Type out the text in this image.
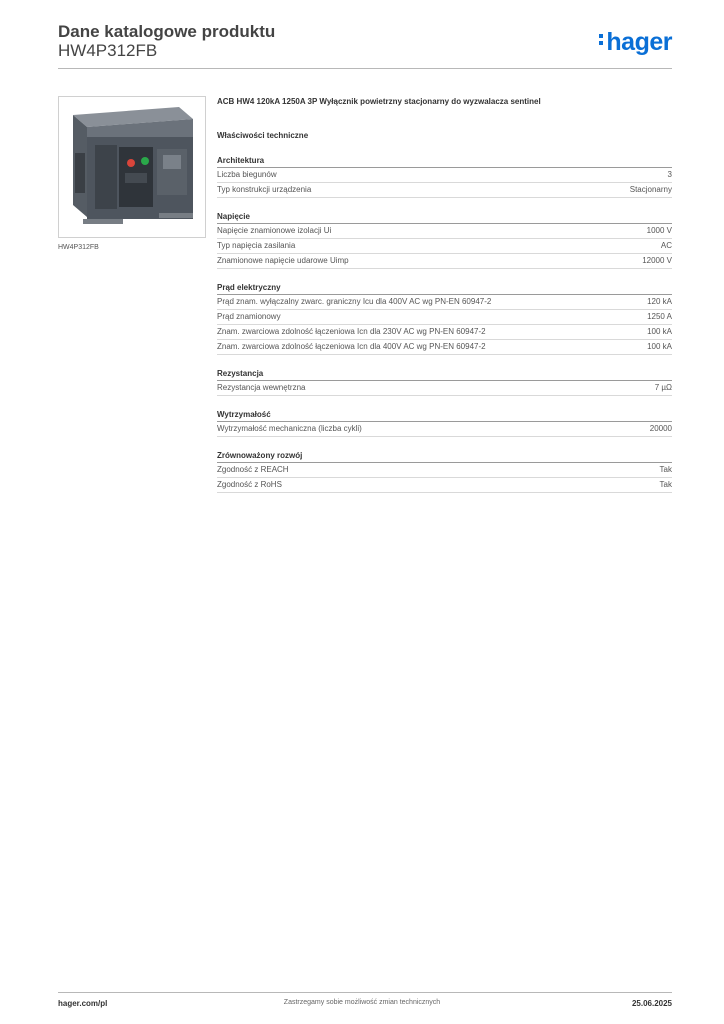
Dane katalogowe produktu
HW4P312FB	hager
HW4P312FB
ACB HW4 120kA 1250A 3P Wyłącznik powietrzny stacjonarny do wyzwalacza sentinel
Właściwości techniczne
Architektura
Liczba biegunów	3
Typ konstrukcji urządzenia	Stacjonarny
Napięcie
Napięcie znamionowe izolacji Ui	1000 V
Typ napięcia zasilania	AC
Znamionowe napięcie udarowe Uimp	12000 V
Prąd elektryczny
Prąd znam. wyłączalny zwarc. graniczny Icu dla 400V AC wg PN-EN 60947-2	120 kA
Prąd znamionowy	1250 A
Znam. zwarciowa zdolność łączeniowa Icn dla 230V AC wg PN-EN 60947-2	100 kA
Znam. zwarciowa zdolność łączeniowa Icn dla 400V AC wg PN-EN 60947-2	100 kA
Rezystancja
Rezystancja wewnętrzna	7 µΩ
Wytrzymałość
Wytrzymałość mechaniczna (liczba cykli)	20000
Zrównoważony rozwój
Zgodność z REACH	Tak
Zgodność z RoHS	Tak
hager.com/pl	Zastrzegamy sobie możliwość zmian technicznych	25.06.2025
